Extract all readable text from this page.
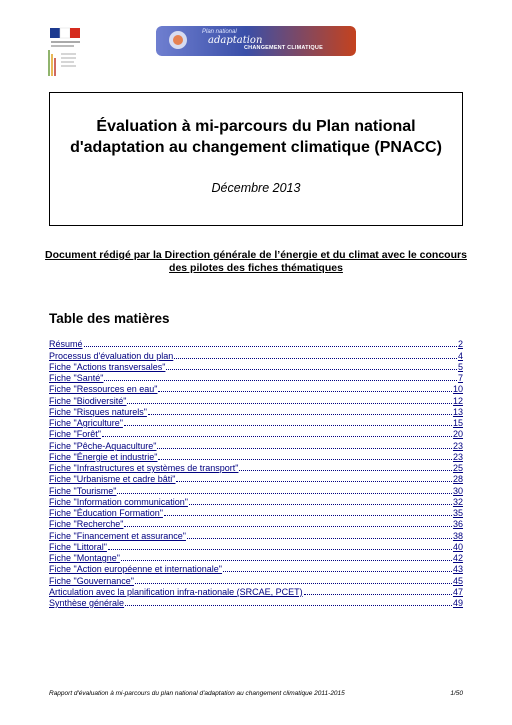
Plan national
adaptation
CHANGEMENT CLIMATIQUE
Évaluation à mi-parcours du Plan national d'adaptation au changement climatique (PNACC)
Décembre 2013
Document rédigé par la Direction générale de l’énergie et du climat avec le concours des pilotes des fiches thématiques
Table des matières
Résumé	2
Processus d'évaluation du plan	4
Fiche "Actions transversales"	5
Fiche "Santé"	7
Fiche "Ressources en eau"	10
Fiche "Biodiversité"	12
Fiche "Risques naturels"	13
Fiche "Agriculture"	15
Fiche "Forêt"	20
Fiche "Pêche-Aquaculture"	23
Fiche "Énergie et industrie"	23
Fiche "Infrastructures et systèmes de transport"	25
Fiche "Urbanisme et cadre bâti"	28
Fiche "Tourisme"	30
Fiche "Information communication"	32
Fiche "Éducation Formation"	35
Fiche "Recherche"	36
Fiche "Financement et assurance"	38
Fiche "Littoral"	40
Fiche "Montagne"	42
Fiche "Action européenne et internationale"	43
Fiche "Gouvernance"	45
Articulation avec la planification infra-nationale (SRCAE, PCET)	47
Synthèse générale	49
Rapport d'évaluation à mi-parcours du plan national d'adaptation au changement climatique 2011-2015	1/50
